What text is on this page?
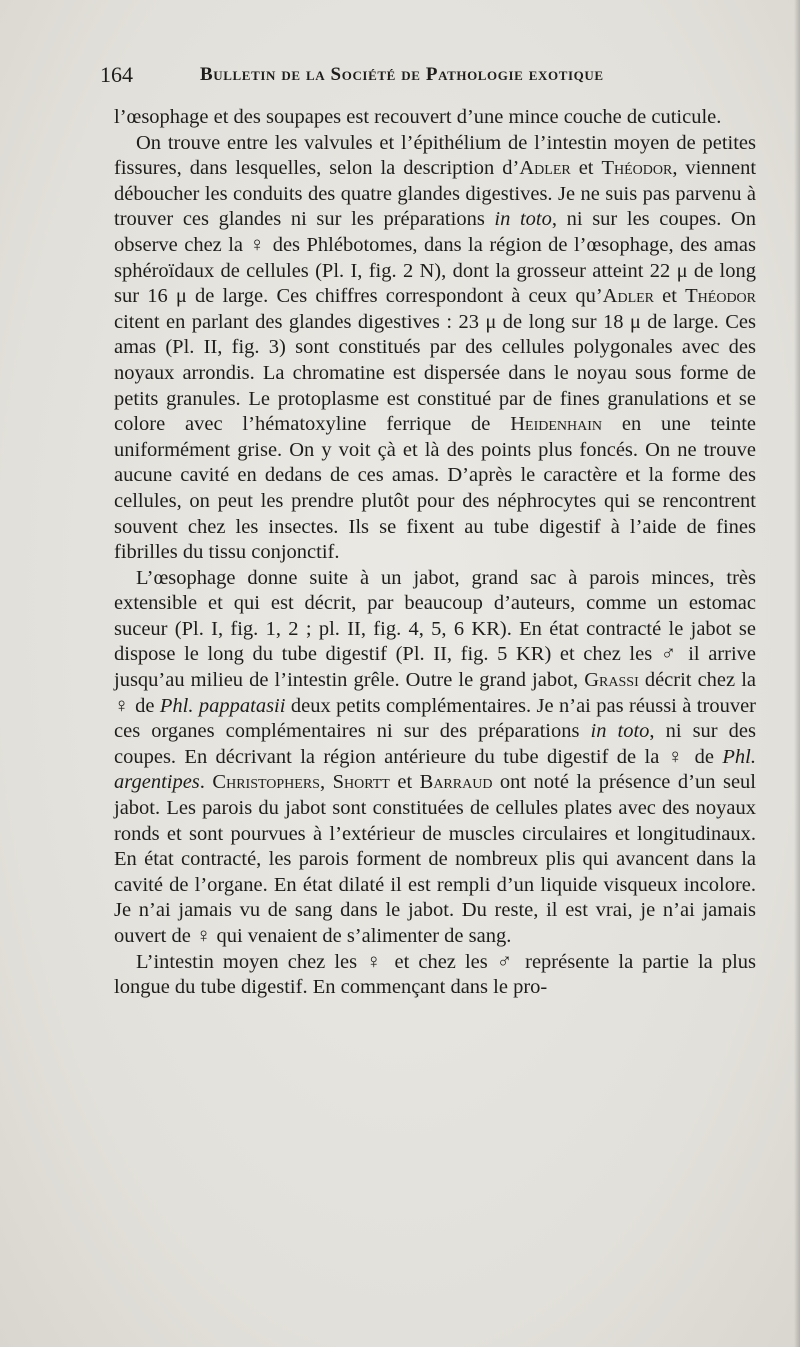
164	Bulletin de la Société de Pathologie exotique

l’œsophage et des soupapes est recouvert d’une mince couche de cuticule.

On trouve entre les valvules et l’épithélium de l’intestin moyen de petites fissures, dans lesquelles, selon la description d’Adler et Théodor, viennent déboucher les conduits des quatre glandes digestives. Je ne suis pas parvenu à trouver ces glandes ni sur les préparations in toto, ni sur les coupes. On observe chez la ♀ des Phlébotomes, dans la région de l’œsophage, des amas sphéroïdaux de cellules (Pl. I, fig. 2 N), dont la grosseur atteint 22 μ de long sur 16 μ de large. Ces chiffres correspondont à ceux qu’Adler et Théodor citent en parlant des glandes digestives : 23 μ de long sur 18 μ de large. Ces amas (Pl. II, fig. 3) sont constitués par des cellules polygonales avec des noyaux arrondis. La chromatine est dispersée dans le noyau sous forme de petits granules. Le protoplasme est constitué par de fines granulations et se colore avec l’hématoxyline ferrique de Heidenhain en une teinte uniformément grise. On y voit çà et là des points plus foncés. On ne trouve aucune cavité en dedans de ces amas. D’après le caractère et la forme des cellules, on peut les prendre plutôt pour des néphrocytes qui se rencontrent souvent chez les insectes. Ils se fixent au tube digestif à l’aide de fines fibrilles du tissu conjonctif.

L’œsophage donne suite à un jabot, grand sac à parois minces, très extensible et qui est décrit, par beaucoup d’auteurs, comme un estomac suceur (Pl. I, fig. 1, 2 ; pl. II, fig. 4, 5, 6 KR). En état contracté le jabot se dispose le long du tube digestif (Pl. II, fig. 5 KR) et chez les ♂ il arrive jusqu’au milieu de l’intestin grêle. Outre le grand jabot, Grassi décrit chez la ♀ de Phl. pappatasii deux petits complémentaires. Je n’ai pas réussi à trouver ces organes complémentaires ni sur des préparations in toto, ni sur des coupes. En décrivant la région antérieure du tube digestif de la ♀ de Phl. argentipes. Christophers, Shortt et Barraud ont noté la présence d’un seul jabot. Les parois du jabot sont constituées de cellules plates avec des noyaux ronds et sont pourvues à l’extérieur de muscles circulaires et longitudinaux. En état contracté, les parois forment de nombreux plis qui avancent dans la cavité de l’organe. En état dilaté il est rempli d’un liquide visqueux incolore. Je n’ai jamais vu de sang dans le jabot. Du reste, il est vrai, je n’ai jamais ouvert de ♀ qui venaient de s’alimenter de sang.

L’intestin moyen chez les ♀ et chez les ♂ représente la partie la plus longue du tube digestif. En commençant dans le pro-
